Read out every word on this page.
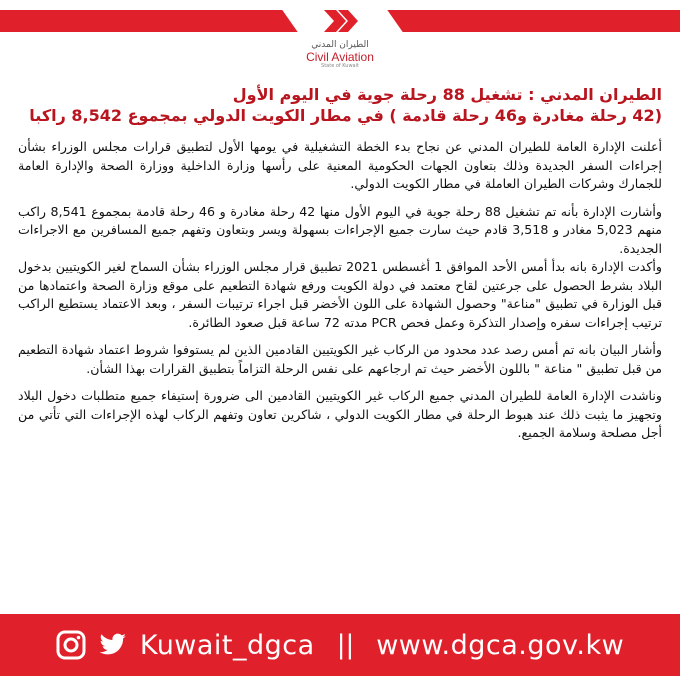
الطيران المدني
Civil Aviation
State of Kuwait
الطيران المدني : تشغيل 88 رحلة جوية في اليوم الأول
(42 رحلة مغادرة و46 رحلة قادمة ) في مطار الكويت الدولي بمجموع 8,542 راكبا

أعلنت الإدارة العامة للطيران المدني عن نجاح بدء الخطة التشغيلية في يومها الأول لتطبيق قرارات مجلس الوزراء بشأن إجراءات السفر الجديدة وذلك بتعاون الجهات الحكومية المعنية على رأسها وزارة الداخلية ووزارة الصحة والإدارة العامة للجمارك وشركات الطيران العاملة في مطار الكويت الدولي.

وأشارت الإدارة بأنه تم تشغيل 88 رحلة جوية في اليوم الأول منها 42 رحلة مغادرة و 46 رحلة قادمة بمجموع 8,541 راكب منهم 5,023 مغادر و 3,518 قادم حيث سارت جميع الإجراءات بسهولة ويسر وبتعاون وتفهم جميع المسافرين مع الاجراءات الجديدة.

وأكدت الإدارة بانه بدأ أمس الأحد الموافق 1 أغسطس 2021 تطبيق قرار مجلس الوزراء بشأن السماح لغير الكويتيين بدخول البلاد بشرط الحصول على جرعتين لقاح معتمد في دولة الكويت ورفع شهادة التطعيم على موقع وزارة الصحة واعتمادها من قبل الوزارة في تطبيق "مناعة" وحصول الشهادة على اللون الأخضر قبل اجراء ترتيبات السفر ، وبعد الاعتماد يستطيع الراكب ترتيب إجراءات سفره وإصدار التذكرة وعمل فحص PCR مدته 72 ساعة قبل صعود الطائرة.

وأشار البيان بانه تم أمس رصد عدد محدود من الركاب غير الكويتيين القادمين الذين لم يستوفوا شروط اعتماد شهادة التطعيم من قبل تطبيق " مناعة " باللون الأخضر حيث تم ارجاعهم على نفس الرحلة التزاماً بتطبيق القرارات بهذا الشأن.

وناشدت الإدارة العامة للطيران المدني جميع الركاب غير الكويتيين القادمين الى ضرورة إستيفاء جميع متطلبات دخول البلاد وتجهيز ما يثبت ذلك عند هبوط الرحلة في مطار الكويت الدولي ، شاكرين تعاون وتفهم الركاب لهذه الإجراءات التي تأتي من أجل مصلحة وسلامة الجميع.

Kuwait_dgca || www.dgca.gov.kw
